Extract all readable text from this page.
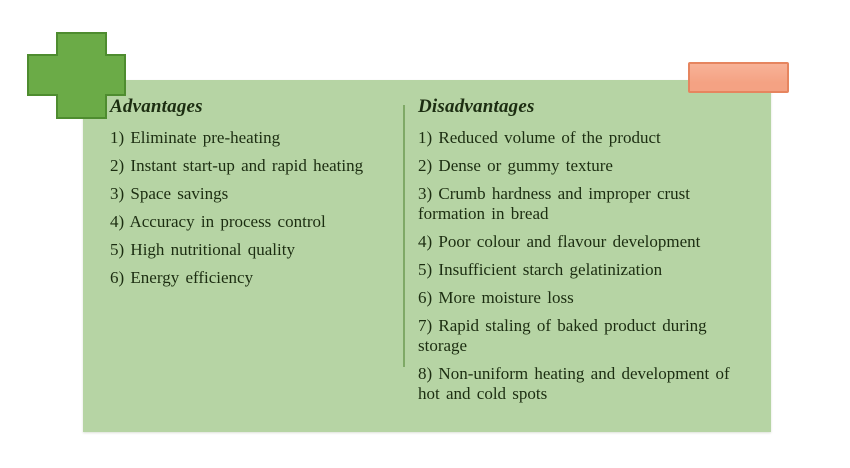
Advantages
1) Eliminate pre-heating
2) Instant start-up and rapid heating
3) Space savings
4) Accuracy in process control
5) High nutritional quality
6) Energy efficiency
Disadvantages
1) Reduced volume of the product
2) Dense or gummy texture
3) Crumb hardness and improper crust formation in bread
4) Poor colour and flavour development
5) Insufficient starch gelatinization
6) More moisture loss
7) Rapid staling of baked product during storage
8) Non-uniform heating and development of hot and cold spots
